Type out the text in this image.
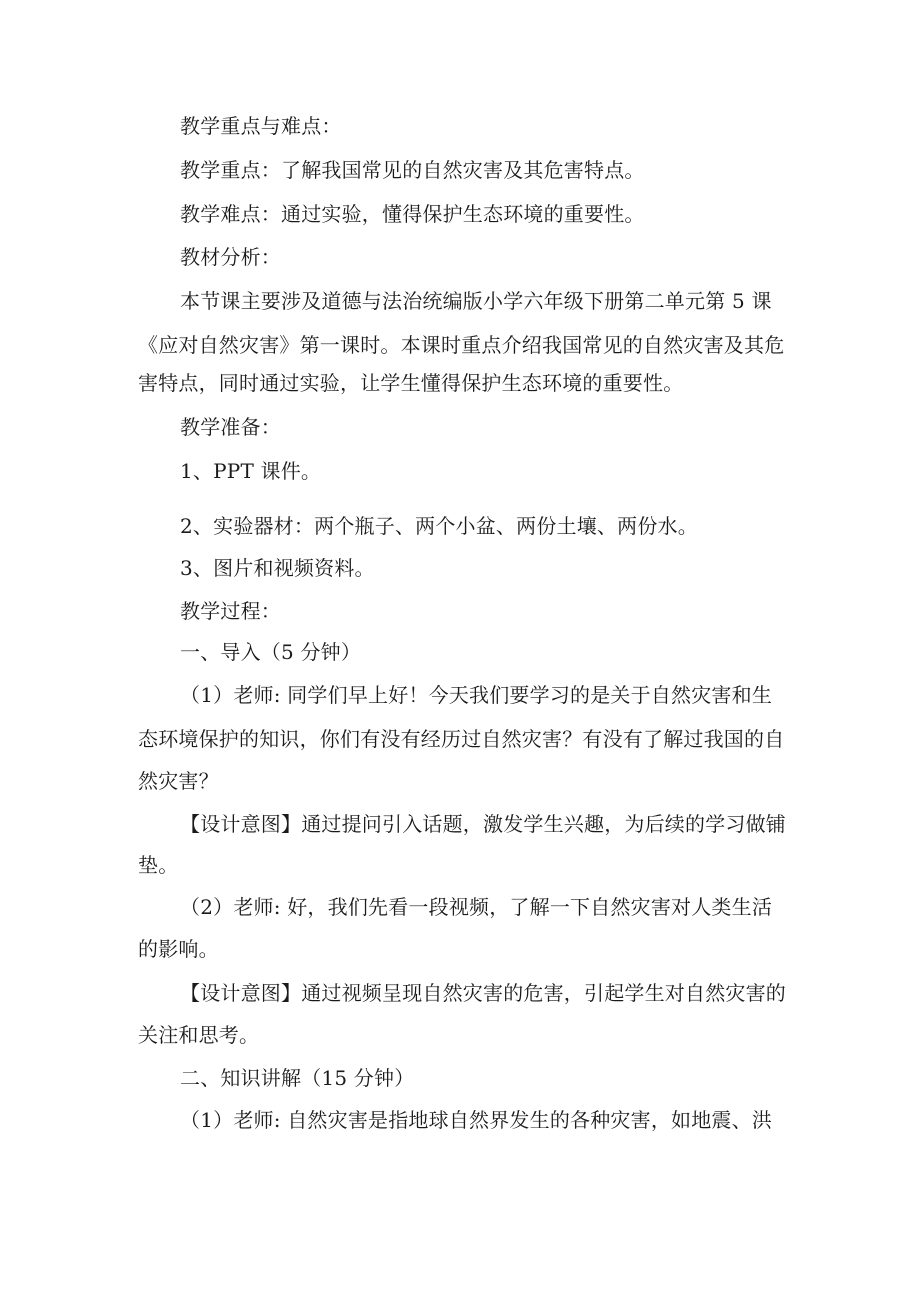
教学重点与难点：
教学重点：了解我国常见的自然灾害及其危害特点。
教学难点：通过实验，懂得保护生态环境的重要性。
教材分析：
本节课主要涉及道德与法治统编版小学六年级下册第二单元第 5 课
《应对自然灾害》第一课时。本课时重点介绍我国常见的自然灾害及其危
害特点，同时通过实验，让学生懂得保护生态环境的重要性。
教学准备：
1、PPT 课件。
2、实验器材：两个瓶子、两个小盆、两份土壤、两份水。
3、图片和视频资料。
教学过程：
一、导入（5 分钟）
（1）老师: 同学们早上好！今天我们要学习的是关于自然灾害和生
态环境保护的知识，你们有没有经历过自然灾害？有没有了解过我国的自
然灾害？
【设计意图】通过提问引入话题，激发学生兴趣，为后续的学习做铺
垫。
（2）老师: 好，我们先看一段视频，了解一下自然灾害对人类生活
的影响。
【设计意图】通过视频呈现自然灾害的危害，引起学生对自然灾害的
关注和思考。
二、知识讲解（15 分钟）
（1）老师: 自然灾害是指地球自然界发生的各种灾害，如地震、洪
